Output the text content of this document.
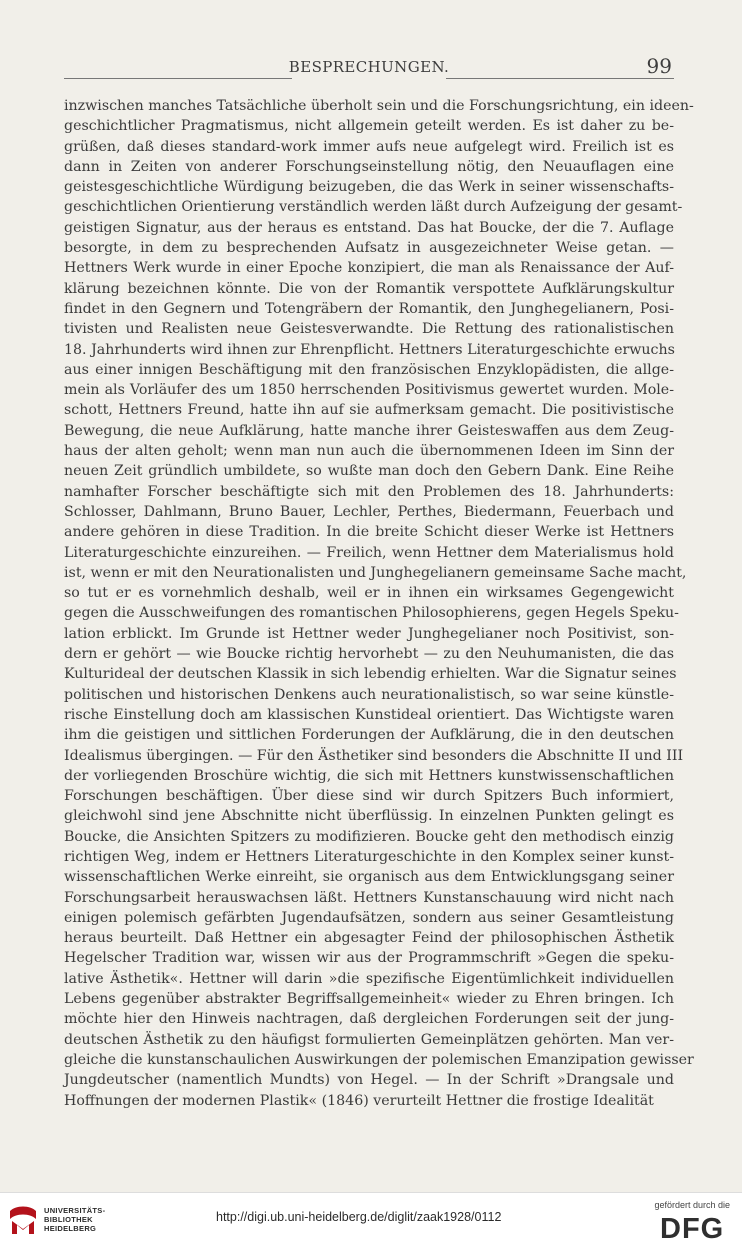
BESPRECHUNGEN.	99
inzwischen manches Tatsächliche überholt sein und die Forschungsrichtung, ein ideen-
geschichtlicher Pragmatismus, nicht allgemein geteilt werden. Es ist daher zu be-
grüßen, daß dieses standard-work immer aufs neue aufgelegt wird. Freilich ist es
dann in Zeiten von anderer Forschungseinstellung nötig, den Neuauflagen eine
geistesgeschichtliche Würdigung beizugeben, die das Werk in seiner wissenschafts-
geschichtlichen Orientierung verständlich werden läßt durch Aufzeigung der gesamt-
geistigen Signatur, aus der heraus es entstand. Das hat Boucke, der die 7. Auflage
besorgte, in dem zu besprechenden Aufsatz in ausgezeichneter Weise getan. —
Hettners Werk wurde in einer Epoche konzipiert, die man als Renaissance der Auf-
klärung bezeichnen könnte. Die von der Romantik verspottete Aufklärungskultur
findet in den Gegnern und Totengräbern der Romantik, den Junghegelianern, Posi-
tivisten und Realisten neue Geistesverwandte. Die Rettung des rationalistischen
18. Jahrhunderts wird ihnen zur Ehrenpflicht. Hettners Literaturgeschichte erwuchs
aus einer innigen Beschäftigung mit den französischen Enzyklopädisten, die allge-
mein als Vorläufer des um 1850 herrschenden Positivismus gewertet wurden. Mole-
schott, Hettners Freund, hatte ihn auf sie aufmerksam gemacht. Die positivistische
Bewegung, die neue Aufklärung, hatte manche ihrer Geisteswaffen aus dem Zeug-
haus der alten geholt; wenn man nun auch die übernommenen Ideen im Sinn der
neuen Zeit gründlich umbildete, so wußte man doch den Gebern Dank. Eine Reihe
namhafter Forscher beschäftigte sich mit den Problemen des 18. Jahrhunderts:
Schlosser, Dahlmann, Bruno Bauer, Lechler, Perthes, Biedermann, Feuerbach und
andere gehören in diese Tradition. In die breite Schicht dieser Werke ist Hettners
Literaturgeschichte einzureihen. — Freilich, wenn Hettner dem Materialismus hold
ist, wenn er mit den Neurationalisten und Junghegelianern gemeinsame Sache macht,
so tut er es vornehmlich deshalb, weil er in ihnen ein wirksames Gegengewicht
gegen die Ausschweifungen des romantischen Philosophierens, gegen Hegels Speku-
lation erblickt. Im Grunde ist Hettner weder Junghegelianer noch Positivist, son-
dern er gehört — wie Boucke richtig hervorhebt — zu den Neuhumanisten, die das
Kulturideal der deutschen Klassik in sich lebendig erhielten. War die Signatur seines
politischen und historischen Denkens auch neurationalistisch, so war seine künstle-
rische Einstellung doch am klassischen Kunstideal orientiert. Das Wichtigste waren
ihm die geistigen und sittlichen Forderungen der Aufklärung, die in den deutschen
Idealismus übergingen. — Für den Ästhetiker sind besonders die Abschnitte II und III
der vorliegenden Broschüre wichtig, die sich mit Hettners kunstwissenschaftlichen
Forschungen beschäftigen. Über diese sind wir durch Spitzers Buch informiert,
gleichwohl sind jene Abschnitte nicht überflüssig. In einzelnen Punkten gelingt es
Boucke, die Ansichten Spitzers zu modifizieren. Boucke geht den methodisch einzig
richtigen Weg, indem er Hettners Literaturgeschichte in den Komplex seiner kunst-
wissenschaftlichen Werke einreiht, sie organisch aus dem Entwicklungsgang seiner
Forschungsarbeit herauswachsen läßt. Hettners Kunstanschauung wird nicht nach
einigen polemisch gefärbten Jugendaufsätzen, sondern aus seiner Gesamtleistung
heraus beurteilt. Daß Hettner ein abgesagter Feind der philosophischen Ästhetik
Hegelscher Tradition war, wissen wir aus der Programmschrift »Gegen die speku-
lative Ästhetik«. Hettner will darin »die spezifische Eigentümlichkeit individuellen
Lebens gegenüber abstrakter Begriffsallgemeinheit« wieder zu Ehren bringen. Ich
möchte hier den Hinweis nachtragen, daß dergleichen Forderungen seit der jung-
deutschen Ästhetik zu den häufigst formulierten Gemeinplätzen gehörten. Man ver-
gleiche die kunstanschaulichen Auswirkungen der polemischen Emanzipation gewisser
Jungdeutscher (namentlich Mundts) von Hegel. — In der Schrift »Drangsale und
Hoffnungen der modernen Plastik« (1846) verurteilt Hettner die frostige Idealität
UNIVERSITÄTS-
BIBLIOTHEK
HEIDELBERG
http://digi.ub.uni-heidelberg.de/diglit/zaak1928/0112
gefördert durch die
DFG
